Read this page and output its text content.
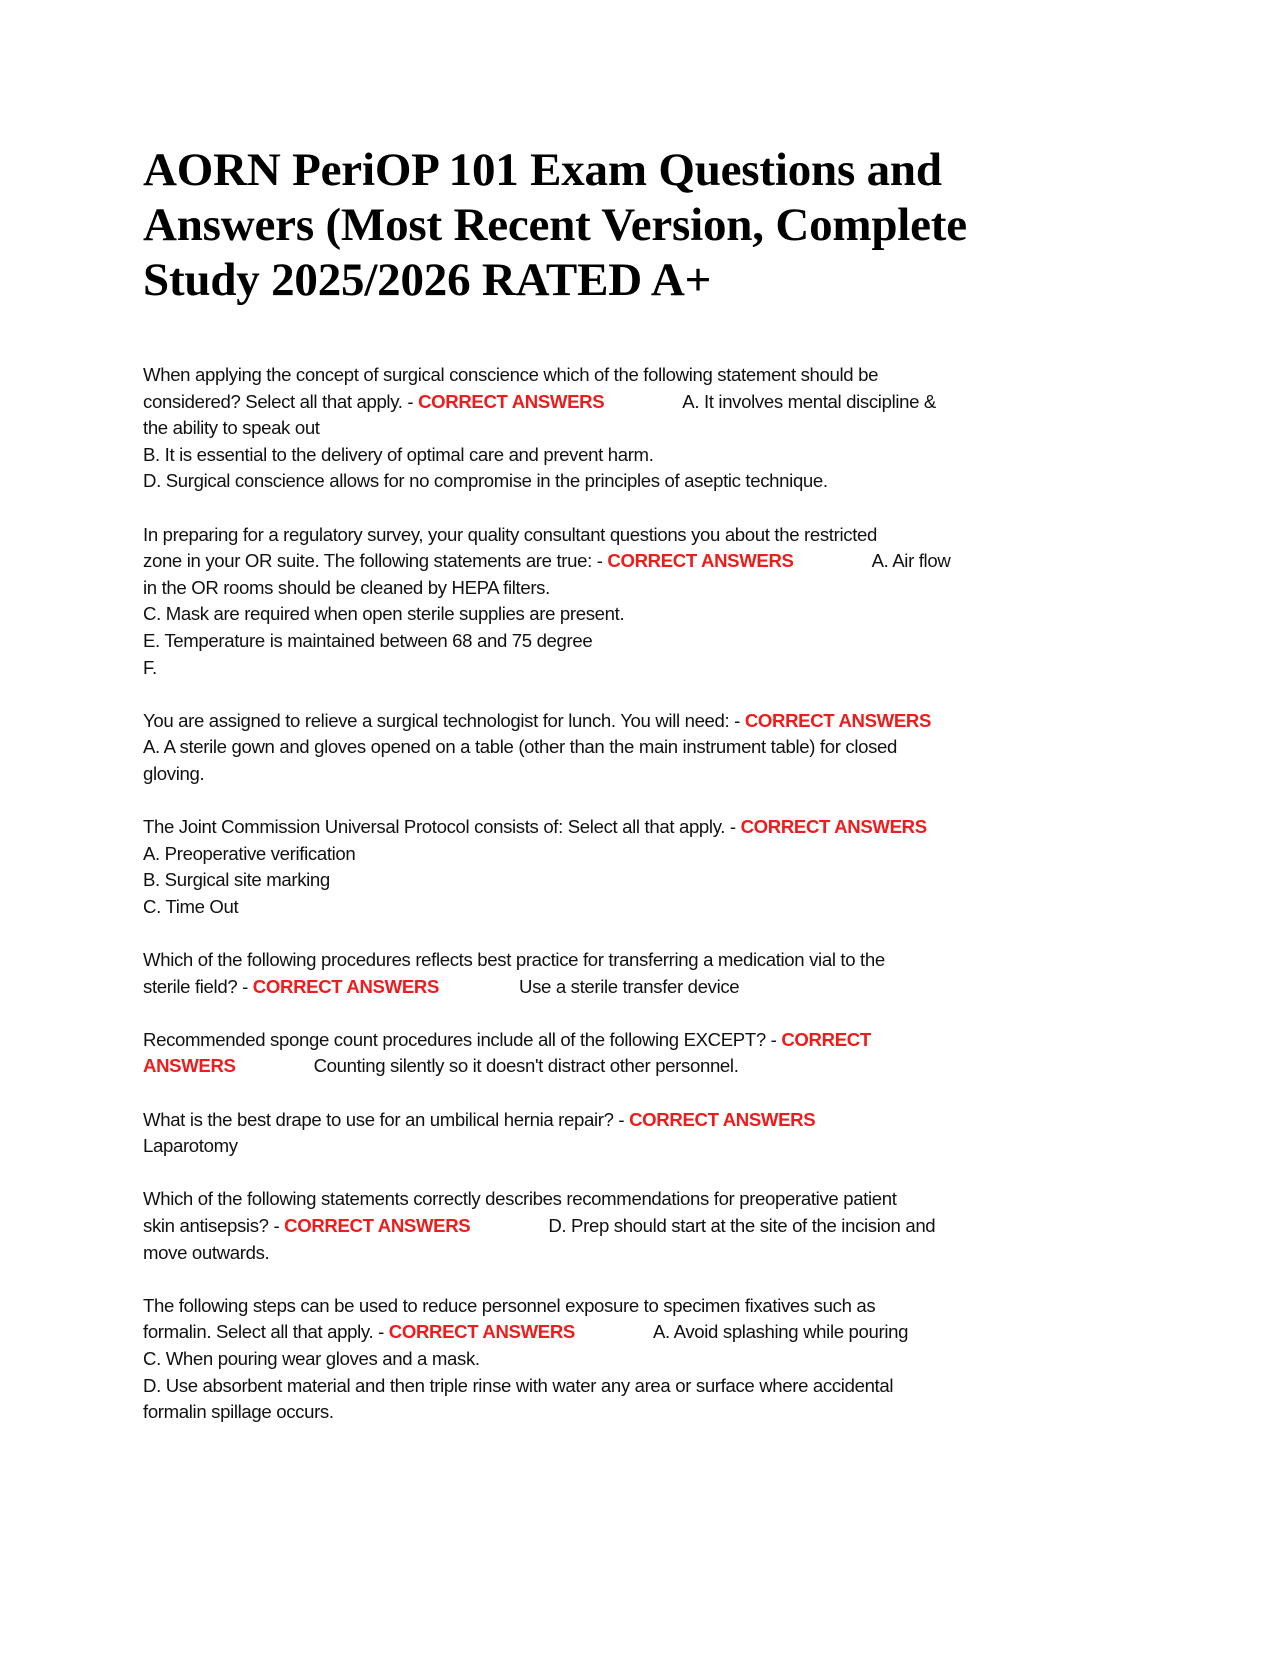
AORN PeriOP 101 Exam Questions and
Answers (Most Recent Version, Complete
Study 2025/2026 RATED A+
When applying the concept of surgical conscience which of the following statement should be
considered? Select all that apply. - CORRECT ANSWERS	A. It involves mental discipline &
the ability to speak out
B. It is essential to the delivery of optimal care and prevent harm.
D. Surgical conscience allows for no compromise in the principles of aseptic technique.
In preparing for a regulatory survey, your quality consultant questions you about the restricted
zone in your OR suite. The following statements are true: - CORRECT ANSWERS	A. Air flow
in the OR rooms should be cleaned by HEPA filters.
C. Mask are required when open sterile supplies are present.
E. Temperature is maintained between 68 and 75 degree
F.
You are assigned to relieve a surgical technologist for lunch. You will need: - CORRECT ANSWERS
A. A sterile gown and gloves opened on a table (other than the main instrument table) for closed
gloving.
The Joint Commission Universal Protocol consists of: Select all that apply. - CORRECT ANSWERS
A. Preoperative verification
B. Surgical site marking
C. Time Out
Which of the following procedures reflects best practice for transferring a medication vial to the
sterile field? - CORRECT ANSWERS	Use a sterile transfer device
Recommended sponge count procedures include all of the following EXCEPT? - CORRECT
ANSWERS	Counting silently so it doesn't distract other personnel.
What is the best drape to use for an umbilical hernia repair? - CORRECT ANSWERS
Laparotomy
Which of the following statements correctly describes recommendations for preoperative patient
skin antisepsis? - CORRECT ANSWERS	D. Prep should start at the site of the incision and
move outwards.
The following steps can be used to reduce personnel exposure to specimen fixatives such as
formalin. Select all that apply. - CORRECT ANSWERS	A. Avoid splashing while pouring
C. When pouring wear gloves and a mask.
D. Use absorbent material and then triple rinse with water any area or surface where accidental
formalin spillage occurs.
